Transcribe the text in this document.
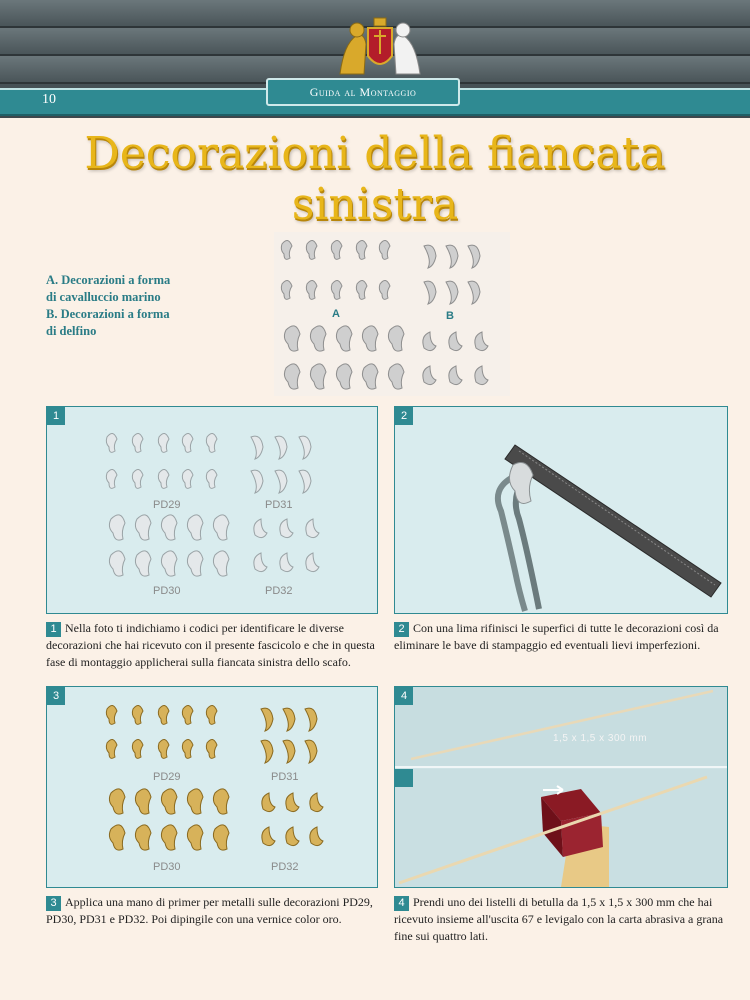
10	Guida al Montaggio
Decorazioni della fiancata sinistra
A. Decorazioni a forma
di cavalluccio marino
B. Decorazioni a forma
di delfino
A	B
1
PD29	PD31
PD30	PD32
1 Nella foto ti indichiamo i codici per identificare le diverse decorazioni che hai ricevuto con il presente fascicolo e che in questa fase di montaggio applicherai sulla fiancata sinistra dello scafo.
2
2 Con una lima rifinisci le superfici di tutte le decorazioni così da eliminare le bave di stampaggio ed eventuali lievi imperfezioni.
3
PD29	PD31
PD30	PD32
3 Applica una mano di primer per metalli sulle decorazioni PD29, PD30, PD31 e PD32. Poi dipingile con una vernice color oro.
4
1,5 x 1,5 x 300 mm
4 Prendi uno dei listelli di betulla da 1,5 x 1,5 x 300 mm che hai ricevuto insieme all'uscita 67 e levigalo con la carta abrasiva a grana fine sui quattro lati.
